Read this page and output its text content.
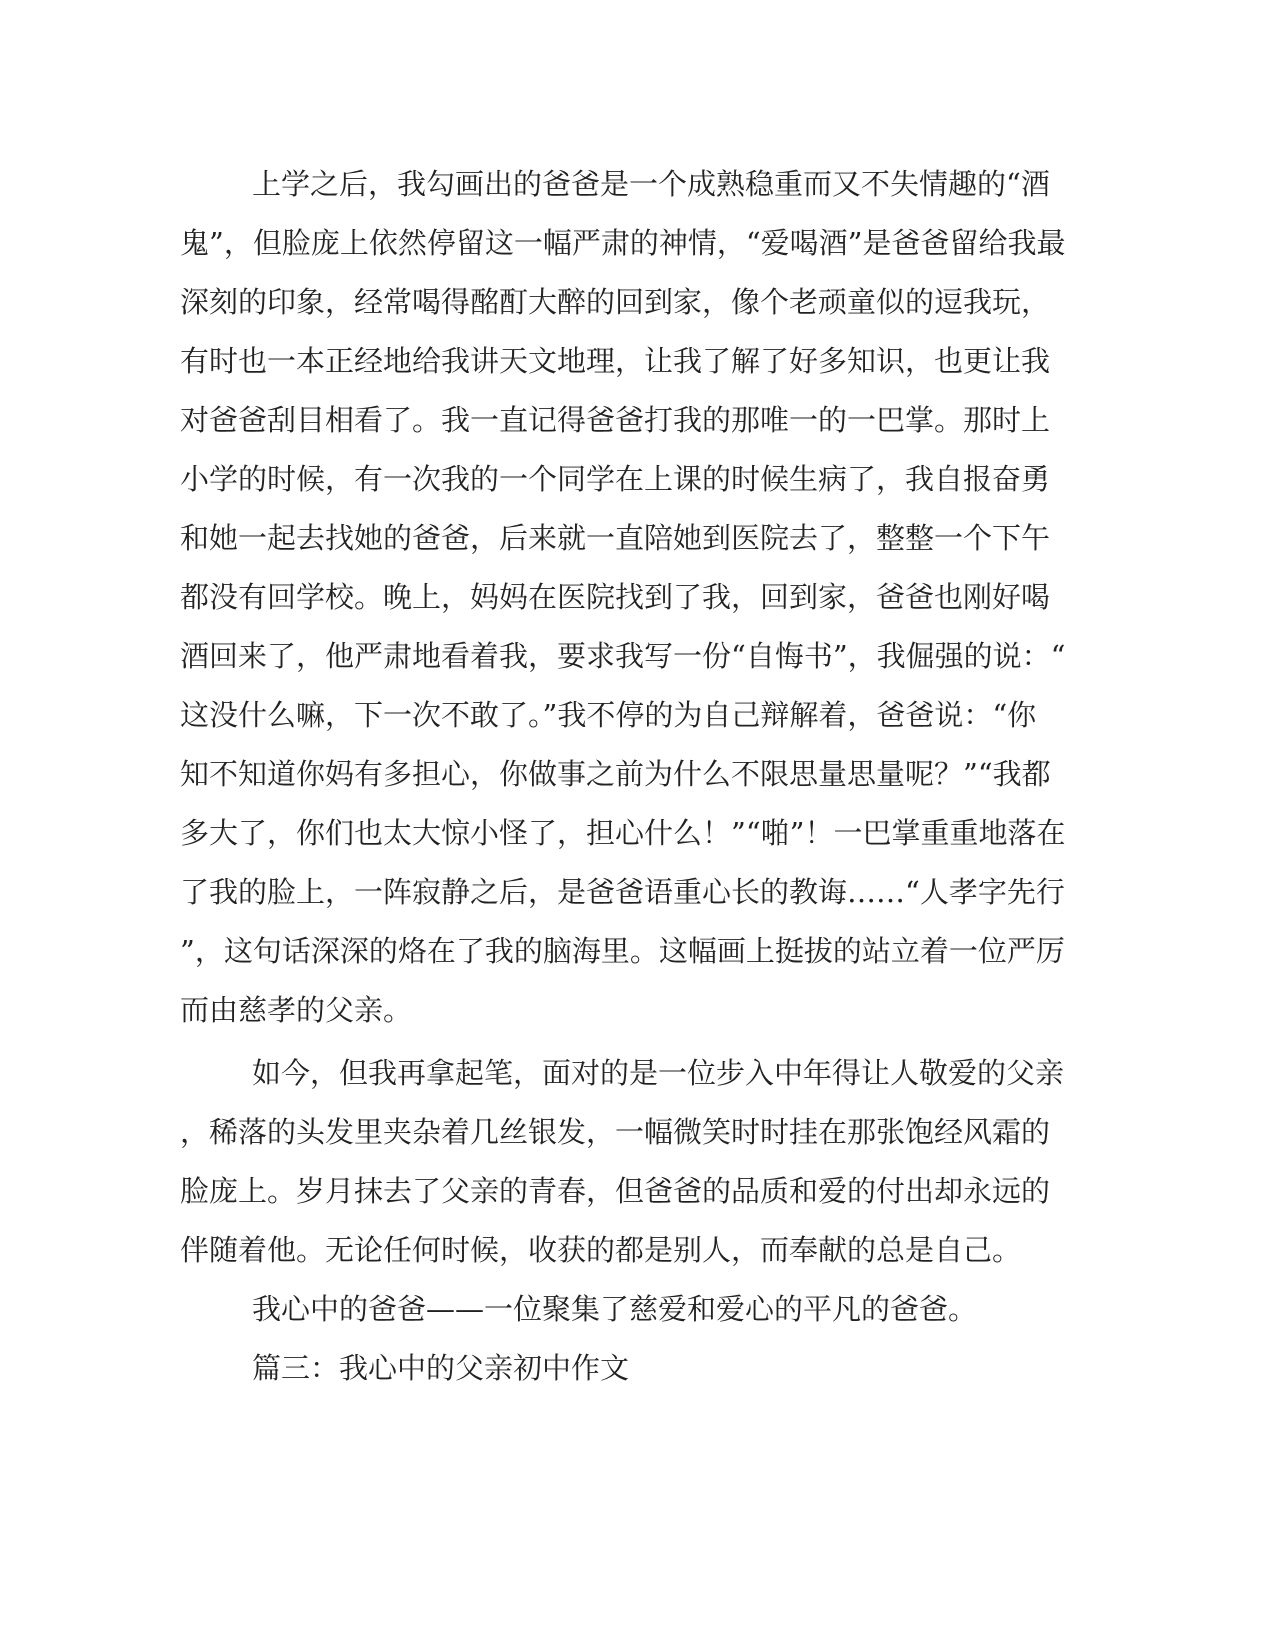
上学之后，我勾画出的爸爸是一个成熟稳重而又不失情趣的“酒
鬼”，但脸庞上依然停留这一幅严肃的神情，“爱喝酒”是爸爸留给我最
深刻的印象，经常喝得酩酊大醉的回到家，像个老顽童似的逗我玩，
有时也一本正经地给我讲天文地理，让我了解了好多知识，也更让我
对爸爸刮目相看了。我一直记得爸爸打我的那唯一的一巴掌。那时上
小学的时候，有一次我的一个同学在上课的时候生病了，我自报奋勇
和她一起去找她的爸爸，后来就一直陪她到医院去了，整整一个下午
都没有回学校。晚上，妈妈在医院找到了我，回到家，爸爸也刚好喝
酒回来了，他严肃地看着我，要求我写一份“自悔书”，我倔强的说：“
这没什么嘛，下一次不敢了。”我不停的为自己辩解着，爸爸说：“你
知不知道你妈有多担心，你做事之前为什么不限思量思量呢？”“我都
多大了，你们也太大惊小怪了，担心什么！”“啪”！一巴掌重重地落在
了我的脸上，一阵寂静之后，是爸爸语重心长的教诲……“人孝字先行
”，这句话深深的烙在了我的脑海里。这幅画上挺拔的站立着一位严厉
而由慈孝的父亲。
如今，但我再拿起笔，面对的是一位步入中年得让人敬爱的父亲
，稀落的头发里夹杂着几丝银发，一幅微笑时时挂在那张饱经风霜的
脸庞上。岁月抹去了父亲的青春，但爸爸的品质和爱的付出却永远的
伴随着他。无论任何时候，收获的都是别人，而奉献的总是自己。
我心中的爸爸——一位聚集了慈爱和爱心的平凡的爸爸。
篇三：我心中的父亲初中作文
